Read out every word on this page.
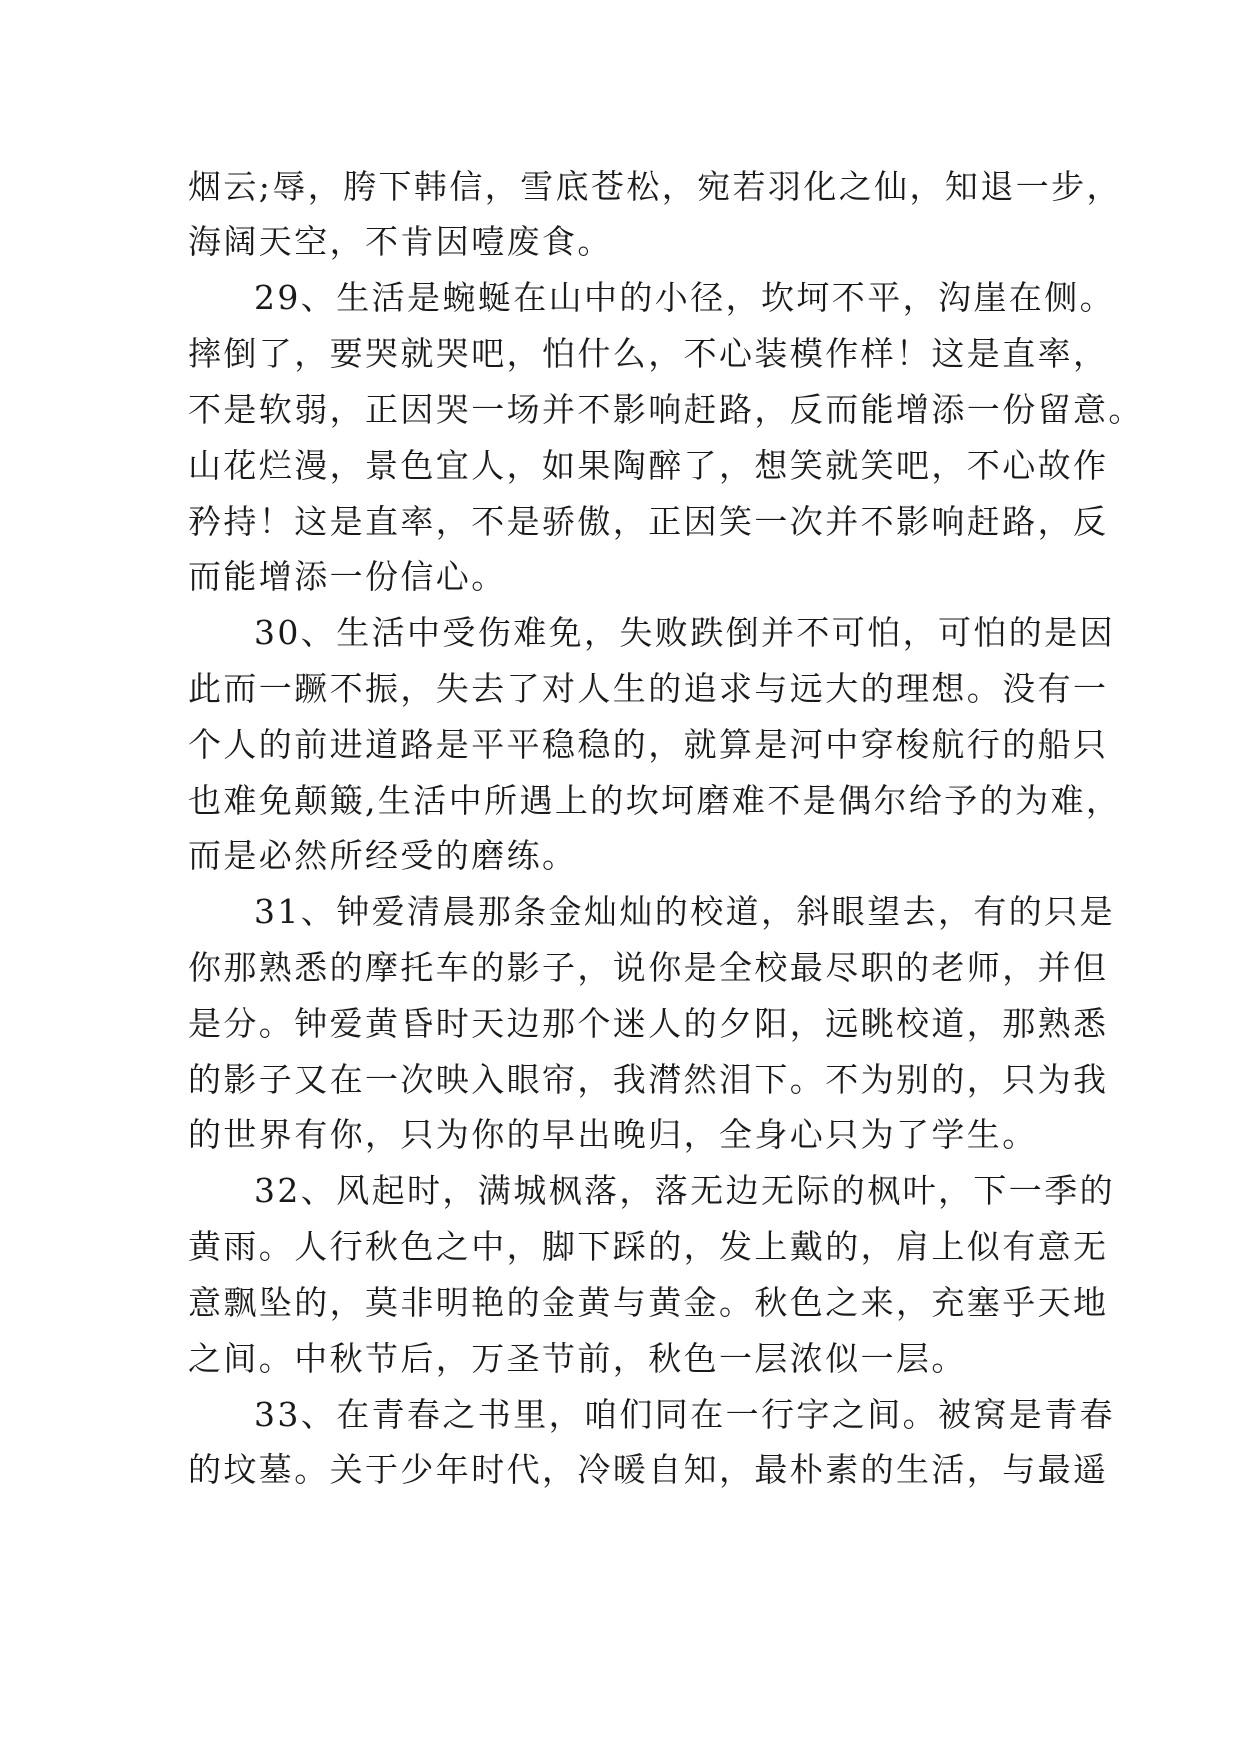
烟云;辱，胯下韩信，雪底苍松，宛若羽化之仙，知退一步，
海阔天空，不肯因噎废食。
29、生活是蜿蜒在山中的小径，坎坷不平，沟崖在侧。
摔倒了，要哭就哭吧，怕什么，不心装模作样！这是直率，
不是软弱，正因哭一场并不影响赶路，反而能增添一份留意。
山花烂漫，景色宜人，如果陶醉了，想笑就笑吧，不心故作
矜持！这是直率，不是骄傲，正因笑一次并不影响赶路，反
而能增添一份信心。
30、生活中受伤难免，失败跌倒并不可怕，可怕的是因
此而一蹶不振，失去了对人生的追求与远大的理想。没有一
个人的前进道路是平平稳稳的，就算是河中穿梭航行的船只
也难免颠簸,生活中所遇上的坎坷磨难不是偶尔给予的为难，
而是必然所经受的磨练。
31、钟爱清晨那条金灿灿的校道，斜眼望去，有的只是
你那熟悉的摩托车的影子，说你是全校最尽职的老师，并但
是分。钟爱黄昏时天边那个迷人的夕阳，远眺校道，那熟悉
的影子又在一次映入眼帘，我潸然泪下。不为别的，只为我
的世界有你，只为你的早出晚归，全身心只为了学生。
32、风起时，满城枫落，落无边无际的枫叶，下一季的
黄雨。人行秋色之中，脚下踩的，发上戴的，肩上似有意无
意飘坠的，莫非明艳的金黄与黄金。秋色之来，充塞乎天地
之间。中秋节后，万圣节前，秋色一层浓似一层。
33、在青春之书里，咱们同在一行字之间。被窝是青春
的坟墓。关于少年时代，冷暖自知，最朴素的生活，与最遥
